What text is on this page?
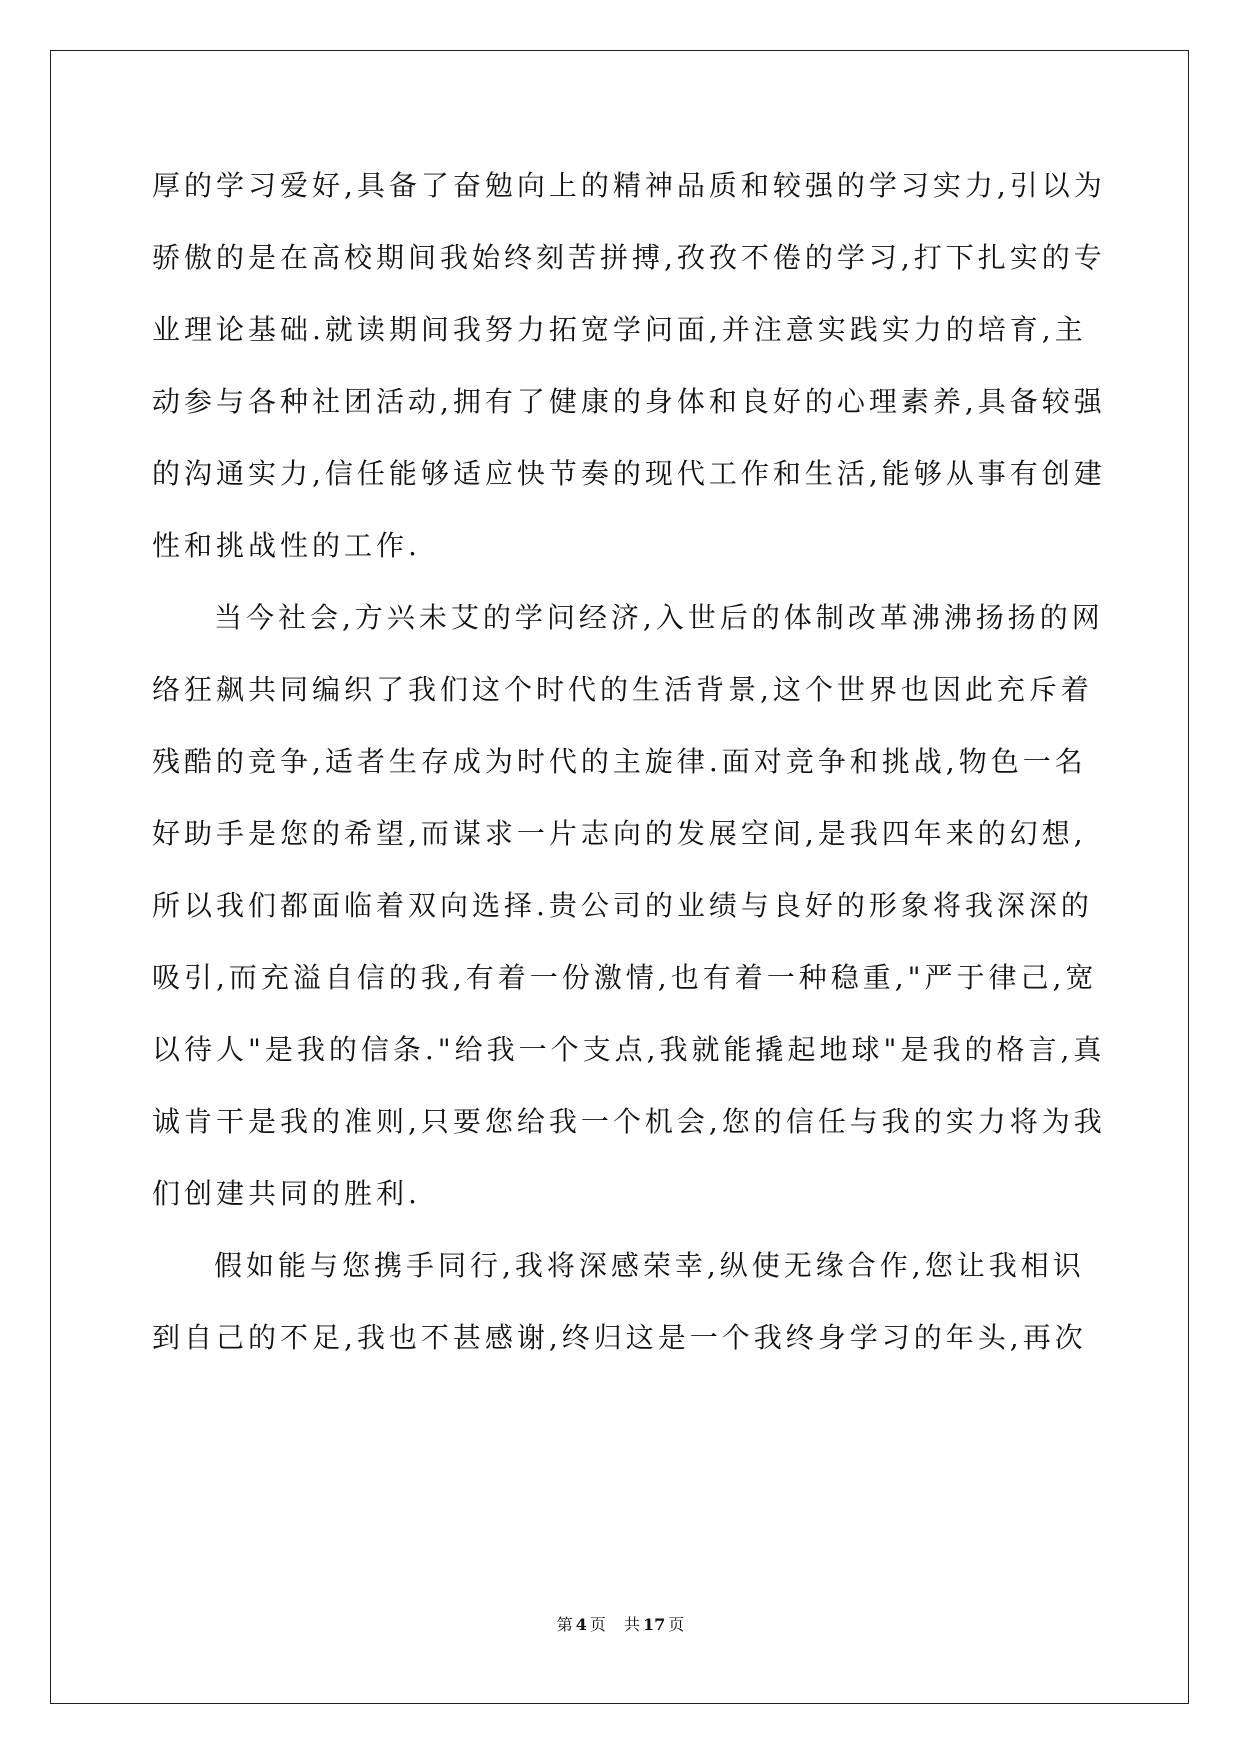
厚的学习爱好,具备了奋勉向上的精神品质和较强的学习实力,引以为
骄傲的是在高校期间我始终刻苦拼搏,孜孜不倦的学习,打下扎实的专
业理论基础.就读期间我努力拓宽学问面,并注意实践实力的培育,主
动参与各种社团活动,拥有了健康的身体和良好的心理素养,具备较强
的沟通实力,信任能够适应快节奏的现代工作和生活,能够从事有创建
性和挑战性的工作.
当今社会,方兴未艾的学问经济,入世后的体制改革沸沸扬扬的网
络狂飙共同编织了我们这个时代的生活背景,这个世界也因此充斥着
残酷的竞争,适者生存成为时代的主旋律.面对竞争和挑战,物色一名
好助手是您的希望,而谋求一片志向的发展空间,是我四年来的幻想,
所以我们都面临着双向选择.贵公司的业绩与良好的形象将我深深的
吸引,而充溢自信的我,有着一份激情,也有着一种稳重,"严于律己,宽
以待人"是我的信条."给我一个支点,我就能撬起地球"是我的格言,真
诚肯干是我的准则,只要您给我一个机会,您的信任与我的实力将为我
们创建共同的胜利.
假如能与您携手同行,我将深感荣幸,纵使无缘合作,您让我相识
到自己的不足,我也不甚感谢,终归这是一个我终身学习的年头,再次
第 4 页 共 17 页
